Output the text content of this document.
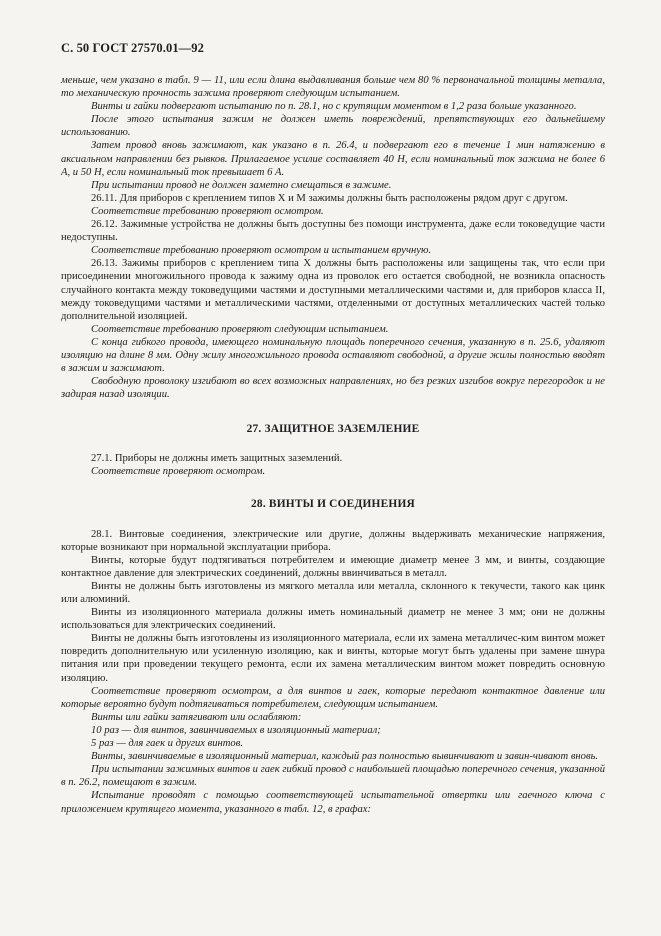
С. 50 ГОСТ 27570.01—92

меньше, чем указано в табл. 9 — 11, или если длина выдавливания больше чем 80 % первоначальной толщины металла, то механическую прочность зажима проверяют следующим испытанием.

Винты и гайки подвергают испытанию по п. 28.1, но с крутящим моментом в 1,2 раза больше указанного.

После этого испытания зажим не должен иметь повреждений, препятствующих его дальнейшему использованию.

Затем провод вновь зажимают, как указано в п. 26.4, и подвергают его в течение 1 мин натяжению в аксиальном направлении без рывков. Прилагаемое усилие составляет 40 Н, если номинальный ток зажима не более 6 А, и 50 Н, если номинальный ток превышает 6 А.

При испытании провод не должен заметно смещаться в зажиме.

26.11. Для приборов с креплением типов X и М зажимы должны быть расположены рядом друг с другом.

Соответствие требованию проверяют осмотром.

26.12. Зажимные устройства не должны быть доступны без помощи инструмента, даже если токоведущие части недоступны.

Соответствие требованию проверяют осмотром и испытанием вручную.

26.13. Зажимы приборов с креплением типа X должны быть расположены или защищены так, что если при присоединении многожильного провода к зажиму одна из проволок его остается свободной, не возникла опасность случайного контакта между токоведущими частями и доступными металлическими частями и, для приборов класса II, между токоведущими частями и металлическими частями, отделенными от доступных металлических частей только дополнительной изоляцией.

Соответствие требованию проверяют следующим испытанием.

С конца гибкого провода, имеющего номинальную площадь поперечного сечения, указанную в п. 25.6, удаляют изоляцию на длине 8 мм. Одну жилу многожильного провода оставляют свободной, а другие жилы полностью вводят в зажим и зажимают.

Свободную проволоку изгибают во всех возможных направлениях, но без резких изгибов вокруг перегородок и не задирая назад изоляции.

27. ЗАЩИТНОЕ ЗАЗЕМЛЕНИЕ

27.1. Приборы не должны иметь защитных заземлений.

Соответствие проверяют осмотром.

28. ВИНТЫ И СОЕДИНЕНИЯ

28.1. Винтовые соединения, электрические или другие, должны выдерживать механические напряжения, которые возникают при нормальной эксплуатации прибора.

Винты, которые будут подтягиваться потребителем и имеющие диаметр менее 3 мм, и винты, создающие контактное давление для электрических соединений, должны ввинчиваться в металл.

Винты не должны быть изготовлены из мягкого металла или металла, склонного к текучести, такого как цинк или алюминий.

Винты из изоляционного материала должны иметь номинальный диаметр не менее 3 мм; они не должны использоваться для электрических соединений.

Винты не должны быть изготовлены из изоляционного материала, если их замена металличес-ким винтом может повредить дополнительную или усиленную изоляцию, как и винты, которые могут быть удалены при замене шнура питания или при проведении текущего ремонта, если их замена металлическим винтом может повредить основную изоляцию.

Соответствие проверяют осмотром, а для винтов и гаек, которые передают контактное давление или которые вероятно будут подтягиваться потребителем, следующим испытанием.

Винты или гайки затягивают или ослабляют:

10 раз — для винтов, завинчиваемых в изоляционный материал;

5 раз — для гаек и других винтов.

Винты, завинчиваемые в изоляционный материал, каждый раз полностью вывинчивают и завин-чивают вновь.

При испытании зажимных винтов и гаек гибкий провод с наибольшей площадью поперечного сечения, указанной в п. 26.2, помещают в зажим.

Испытание проводят с помощью соответствующей испытательной отвертки или гаечного ключа с приложением крутящего момента, указанного в табл. 12, в графах:
